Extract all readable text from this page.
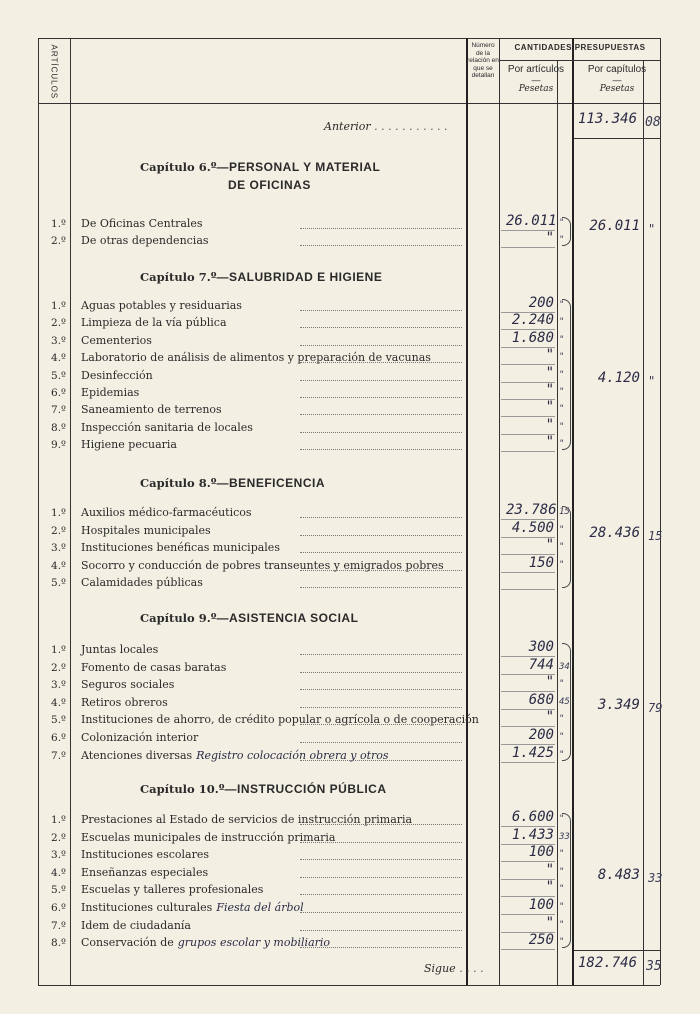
ARTÍCULOS	Número de la relación en que se detallan
CANTIDADES PRESUPUESTAS
Por artículos
—
Pesetas
Por capítulos
—
Pesetas
Anterior . . . . . . . . . . .	113.346 08
Capítulo 6.º—PERSONAL Y MATERIAL
DE OFICINAS
1.º De Oficinas Centrales	26.011 "
2.º De otras dependencias	" "
26.011 "
Capítulo 7.º—SALUBRIDAD E HIGIENE
1.º Aguas potables y residuarias	200 "
2.º Limpieza de la vía pública	2.240 "
3.º Cementerios	1.680 "
4.º Laboratorio de análisis de alimentos y preparación de vacunas	" "
5.º Desinfección	" "
6.º Epidemias	" "
7.º Saneamiento de terrenos	" "
8.º Inspección sanitaria de locales	" "
9.º Higiene pecuaria	" "
4.120 "
Capítulo 8.º—BENEFICENCIA
1.º Auxilios médico-farmacéuticos	23.786 15
2.º Hospitales municipales	4.500 "
3.º Instituciones benéficas municipales	" "
4.º Socorro y conducción de pobres transeuntes y emigrados pobres	150 "
5.º Calamidades públicas
28.436 15
Capítulo 9.º—ASISTENCIA SOCIAL
1.º Juntas locales	300
2.º Fomento de casas baratas	744 34
3.º Seguros sociales	" "
4.º Retiros obreros	680 45
5.º Instituciones de ahorro, de crédito popular o agrícola o de cooperación	" "
6.º Colonización interior	200 "
7.º Atenciones diversas Registro colocación obrera y otros	1.425 "
3.349 79
Capítulo 10.º—INSTRUCCIÓN PÚBLICA
1.º Prestaciones al Estado de servicios de instrucción primaria	6.600 "
2.º Escuelas municipales de instrucción primaria	1.433 33
3.º Instituciones escolares	100 "
4.º Enseñanzas especiales	" "
5.º Escuelas y talleres profesionales	" "
6.º Instituciones culturales Fiesta del árbol	100 "
7.º Idem de ciudadanía	" "
8.º Conservación de grupos escolar y mobiliario	250 "
8.483 33
Sigue . . . .	182.746 35
